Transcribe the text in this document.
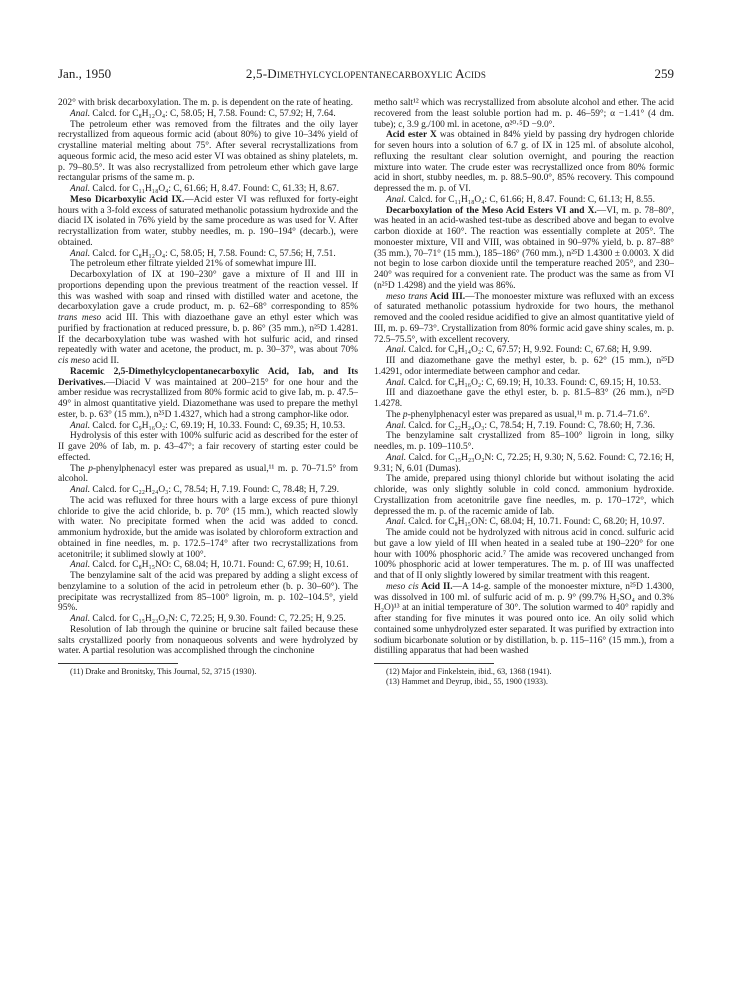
Jan., 1950	2,5-Dimethylcyclopentanecarboxylic Acids	259

202° with brisk decarboxylation. The m. p. is dependent on the rate of heating.

Anal. Calcd. for C₈H₁₂O₄: C, 58.05; H, 7.58. Found: C, 57.92; H, 7.64.

The petroleum ether was removed from the filtrates and the oily layer recrystallized from aqueous formic acid (about 80%) to give 10–34% yield of crystalline material melting about 75°. After several recrystallizations from aqueous formic acid, the meso acid ester VI was obtained as shiny platelets, m. p. 79–80.5°. It was also recrystallized from petroleum ether which gave large rectangular prisms of the same m. p.

Anal. Calcd. for C₁₁H₁₈O₄: C, 61.66; H, 8.47. Found: C, 61.33; H, 8.67.

Meso Dicarboxylic Acid IX.—Acid ester VI was refluxed for forty-eight hours with a 3-fold excess of saturated methanolic potassium hydroxide and the diacid IX isolated in 76% yield by the same procedure as was used for V. After recrystallization from water, stubby needles, m. p. 190–194° (decarb.), were obtained.

Anal. Calcd. for C₈H₁₂O₄: C, 58.05; H, 7.58. Found: C, 57.56; H, 7.51.

The petroleum ether filtrate yielded 21% of somewhat impure III.

Decarboxylation of IX at 190–230° gave a mixture of II and III in proportions depending upon the previous treatment of the reaction vessel. If this was washed with soap and rinsed with distilled water and acetone, the decarboxylation gave a crude product, m. p. 62–68° corresponding to 85% trans meso acid III. This with diazoethane gave an ethyl ester which was purified by fractionation at reduced pressure, b. p. 86° (35 mm.), n²⁵D 1.4281. If the decarboxylation tube was washed with hot sulfuric acid, and rinsed repeatedly with water and acetone, the product, m. p. 30–37°, was about 70% cis meso acid II.

Racemic 2,5-Dimethylcyclopentanecarboxylic Acid, Iab, and Its Derivatives.—Diacid V was maintained at 200–215° for one hour and the amber residue was recrystallized from 80% formic acid to give Iab, m. p. 47.5–49° in almost quantitative yield. Diazomethane was used to prepare the methyl ester, b. p. 63° (15 mm.), n²⁵D 1.4327, which had a strong camphor-like odor.

Anal. Calcd. for C₉H₁₆O₂: C, 69.19; H, 10.33. Found: C, 69.35; H, 10.53.

Hydrolysis of this ester with 100% sulfuric acid as described for the ester of II gave 20% of Iab, m. p. 43–47°; a fair recovery of starting ester could be effected.

The p-phenylphenacyl ester was prepared as usual,¹¹ m. p. 70–71.5° from alcohol.

Anal. Calcd. for C₂₂H₂₄O₃: C, 78.54; H, 7.19. Found: C, 78.48; H, 7.29.

The acid was refluxed for three hours with a large excess of pure thionyl chloride to give the acid chloride, b. p. 70° (15 mm.), which reacted slowly with water. No precipitate formed when the acid was added to concd. ammonium hydroxide, but the amide was isolated by chloroform extraction and obtained in fine needles, m. p. 172.5–174° after two recrystallizations from acetonitrile; it sublimed slowly at 100°.

Anal. Calcd. for C₈H₁₅NO: C, 68.04; H, 10.71. Found: C, 67.99; H, 10.61.

The benzylamine salt of the acid was prepared by adding a slight excess of benzylamine to a solution of the acid in petroleum ether (b. p. 30–60°). The precipitate was recrystallized from 85–100° ligroin, m. p. 102–104.5°, yield 95%.

Anal. Calcd. for C₁₅H₂₃O₂N: C, 72.25; H, 9.30. Found: C, 72.25; H, 9.25.

Resolution of Iab through the quinine or brucine salt failed because these salts crystallized poorly from nonaqueous solvents and were hydrolyzed by water. A partial resolution was accomplished through the cinchonine

(11) Drake and Bronitsky, This Journal, 52, 3715 (1930).

metho salt¹² which was recrystallized from absolute alcohol and ether. The acid recovered from the least soluble portion had m. p. 46–59°; α −1.41° (4 dm. tube); c, 3.9 g./100 ml. in acetone, α²⁰·⁵D −9.0°.

Acid ester X was obtained in 84% yield by passing dry hydrogen chloride for seven hours into a solution of 6.7 g. of IX in 125 ml. of absolute alcohol, refluxing the resultant clear solution overnight, and pouring the reaction mixture into water. The crude ester was recrystallized once from 80% formic acid in short, stubby needles, m. p. 88.5–90.0°, 85% recovery. This compound depressed the m. p. of VI.

Anal. Calcd. for C₁₁H₁₈O₄: C, 61.66; H, 8.47. Found: C, 61.13; H, 8.55.

Decarboxylation of the Meso Acid Esters VI and X.—VI, m. p. 78–80°, was heated in an acid-washed test-tube as described above and began to evolve carbon dioxide at 160°. The reaction was essentially complete at 205°. The monoester mixture, VII and VIII, was obtained in 90–97% yield, b. p. 87–88° (35 mm.), 70–71° (15 mm.), 185–186° (760 mm.), n²⁵D 1.4300 ± 0.0003. X did not begin to lose carbon dioxide until the temperature reached 205°, and 230–240° was required for a convenient rate. The product was the same as from VI (n²⁵D 1.4298) and the yield was 86%.

meso trans Acid III.—The monoester mixture was refluxed with an excess of saturated methanolic potassium hydroxide for two hours, the methanol removed and the cooled residue acidified to give an almost quantitative yield of III, m. p. 69–73°. Crystallization from 80% formic acid gave shiny scales, m. p. 72.5–75.5°, with excellent recovery.

Anal. Calcd. for C₈H₁₄O₂: C, 67.57; H, 9.92. Found: C, 67.68; H, 9.99.

III and diazomethane gave the methyl ester, b. p. 62° (15 mm.), n²⁵D 1.4291, odor intermediate between camphor and cedar.

Anal. Calcd. for C₉H₁₆O₂: C, 69.19; H, 10.33. Found: C, 69.15; H, 10.53.

III and diazoethane gave the ethyl ester, b. p. 81.5–83° (26 mm.), n²⁵D 1.4278.

The p-phenylphenacyl ester was prepared as usual,¹¹ m. p. 71.4–71.6°.

Anal. Calcd. for C₂₂H₂₄O₃: C, 78.54; H, 7.19. Found: C, 78.60; H, 7.36.

The benzylamine salt crystallized from 85–100° ligroin in long, silky needles, m. p. 109–110.5°.

Anal. Calcd. for C₁₅H₂₃O₂N: C, 72.25; H, 9.30; N, 5.62. Found: C, 72.16; H, 9.31; N, 6.01 (Dumas).

The amide, prepared using thionyl chloride but without isolating the acid chloride, was only slightly soluble in cold concd. ammonium hydroxide. Crystallization from acetonitrile gave fine needles, m. p. 170–172°, which depressed the m. p. of the racemic amide of Iab.

Anal. Calcd. for C₈H₁₅ON: C, 68.04; H, 10.71. Found: C, 68.20; H, 10.97.

The amide could not be hydrolyzed with nitrous acid in concd. sulfuric acid but gave a low yield of III when heated in a sealed tube at 190–220° for one hour with 100% phosphoric acid.⁷ The amide was recovered unchanged from 100% phosphoric acid at lower temperatures. The m. p. of III was unaffected and that of II only slightly lowered by similar treatment with this reagent.

meso cis Acid II.—A 14-g. sample of the monoester mixture, n²⁵D 1.4300, was dissolved in 100 ml. of sulfuric acid of m. p. 9° (99.7% H₂SO₄ and 0.3% H₂O)¹³ at an initial temperature of 30°. The solution warmed to 40° rapidly and after standing for five minutes it was poured onto ice. An oily solid which contained some unhydrolyzed ester separated. It was purified by extraction into sodium bicarbonate solution or by distillation, b. p. 115–116° (15 mm.), from a distilling apparatus that had been washed

(12) Major and Finkelstein, ibid., 63, 1368 (1941).

(13) Hammet and Deyrup, ibid., 55, 1900 (1933).
